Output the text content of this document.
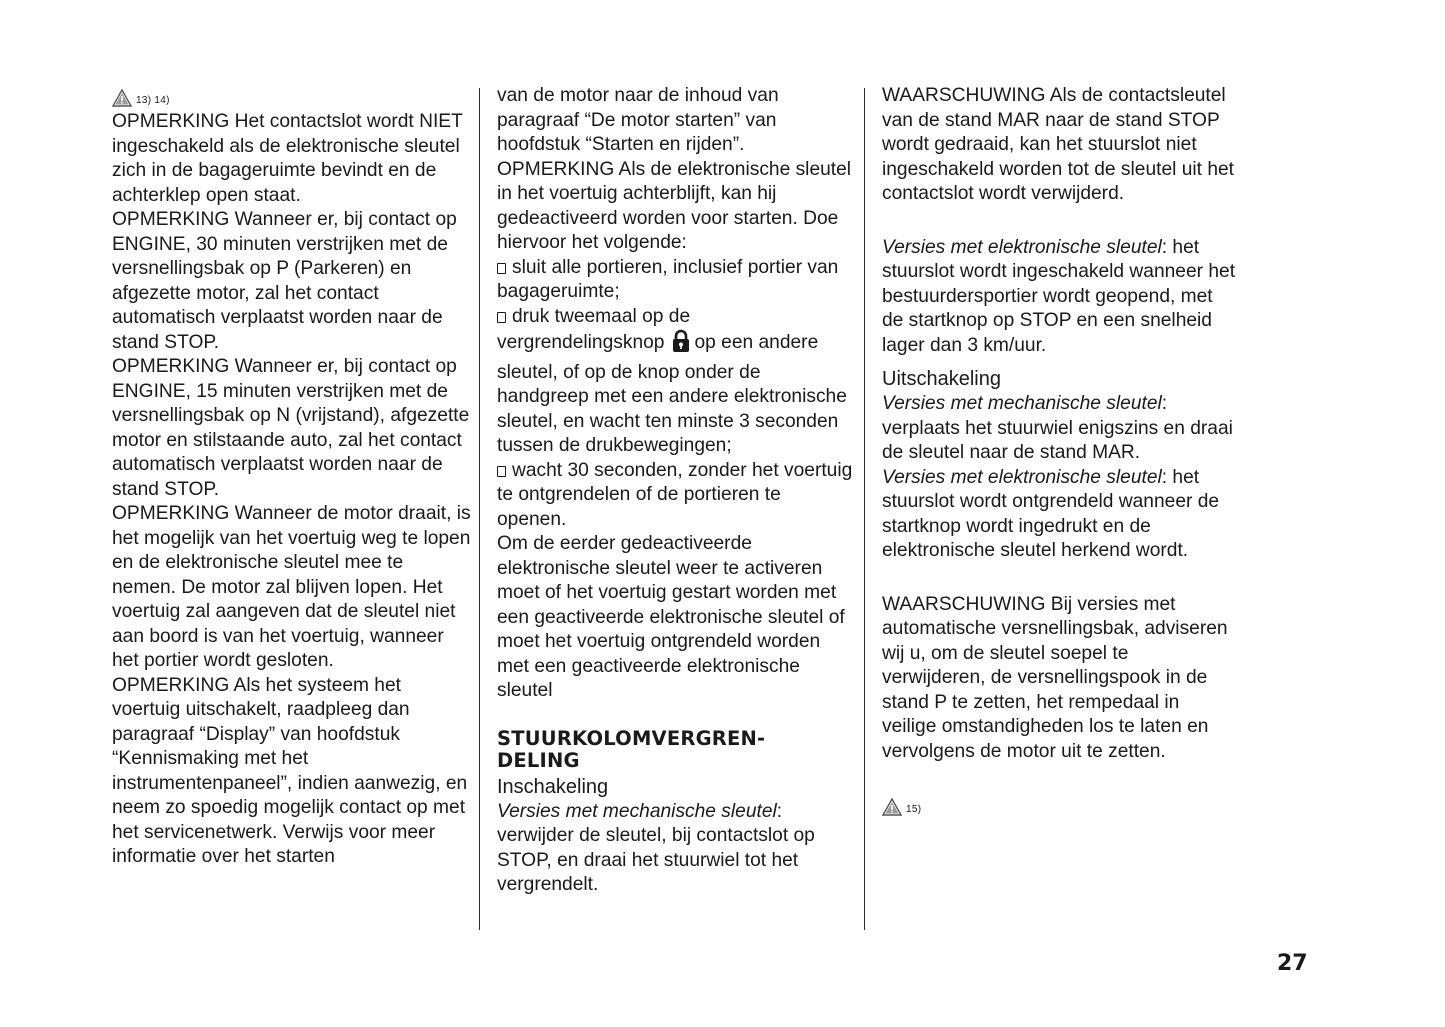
13) 14)

OPMERKING Het contactslot wordt NIET ingeschakeld als de elektronische sleutel zich in de bagageruimte bevindt en de achterklep open staat.

OPMERKING Wanneer er, bij contact op ENGINE, 30 minuten verstrijken met de versnellingsbak op P (Parkeren) en afgezette motor, zal het contact automatisch verplaatst worden naar de stand STOP.

OPMERKING Wanneer er, bij contact op ENGINE, 15 minuten verstrijken met de versnellingsbak op N (vrijstand), afgezette motor en stilstaande auto, zal het contact automatisch verplaatst worden naar de stand STOP.

OPMERKING Wanneer de motor draait, is het mogelijk van het voertuig weg te lopen en de elektronische sleutel mee te nemen. De motor zal blijven lopen. Het voertuig zal aangeven dat de sleutel niet aan boord is van het voertuig, wanneer het portier wordt gesloten.

OPMERKING Als het systeem het voertuig uitschakelt, raadpleeg dan paragraaf “Display” van hoofdstuk “Kennismaking met het instrumentenpaneel”, indien aanwezig, en neem zo spoedig mogelijk contact op met het servicenetwerk. Verwijs voor meer informatie over het starten

van de motor naar de inhoud van paragraaf “De motor starten” van hoofdstuk “Starten en rijden”.

OPMERKING Als de elektronische sleutel in het voertuig achterblijft, kan hij gedeactiveerd worden voor starten. Doe hiervoor het volgende:

sluit alle portieren, inclusief portier van bagageruimte;

druk tweemaal op de vergrendelingsknop op een andere sleutel, of op de knop onder de handgreep met een andere elektronische sleutel, en wacht ten minste 3 seconden tussen de drukbewegingen;

wacht 30 seconden, zonder het voertuig te ontgrendelen of de portieren te openen.

Om de eerder gedeactiveerde elektronische sleutel weer te activeren moet of het voertuig gestart worden met een geactiveerde elektronische sleutel of moet het voertuig ontgrendeld worden met een geactiveerde elektronische sleutel

STUURKOLOMVERGREN-
DELING
Inschakeling

Versies met mechanische sleutel: verwijder de sleutel, bij contactslot op STOP, en draai het stuurwiel tot het vergrendelt.

WAARSCHUWING Als de contactsleutel van de stand MAR naar de stand STOP wordt gedraaid, kan het stuurslot niet ingeschakeld worden tot de sleutel uit het contactslot wordt verwijderd.

Versies met elektronische sleutel: het stuurslot wordt ingeschakeld wanneer het bestuurdersportier wordt geopend, met de startknop op STOP en een snelheid lager dan 3 km/uur.

Uitschakeling

Versies met mechanische sleutel: verplaats het stuurwiel enigszins en draai de sleutel naar de stand MAR.

Versies met elektronische sleutel: het stuurslot wordt ontgrendeld wanneer de startknop wordt ingedrukt en de elektronische sleutel herkend wordt.

WAARSCHUWING Bij versies met automatische versnellingsbak, adviseren wij u, om de sleutel soepel te verwijderen, de versnellingspook in de stand P te zetten, het rempedaal in veilige omstandigheden los te laten en vervolgens de motor uit te zetten.

15)
27
